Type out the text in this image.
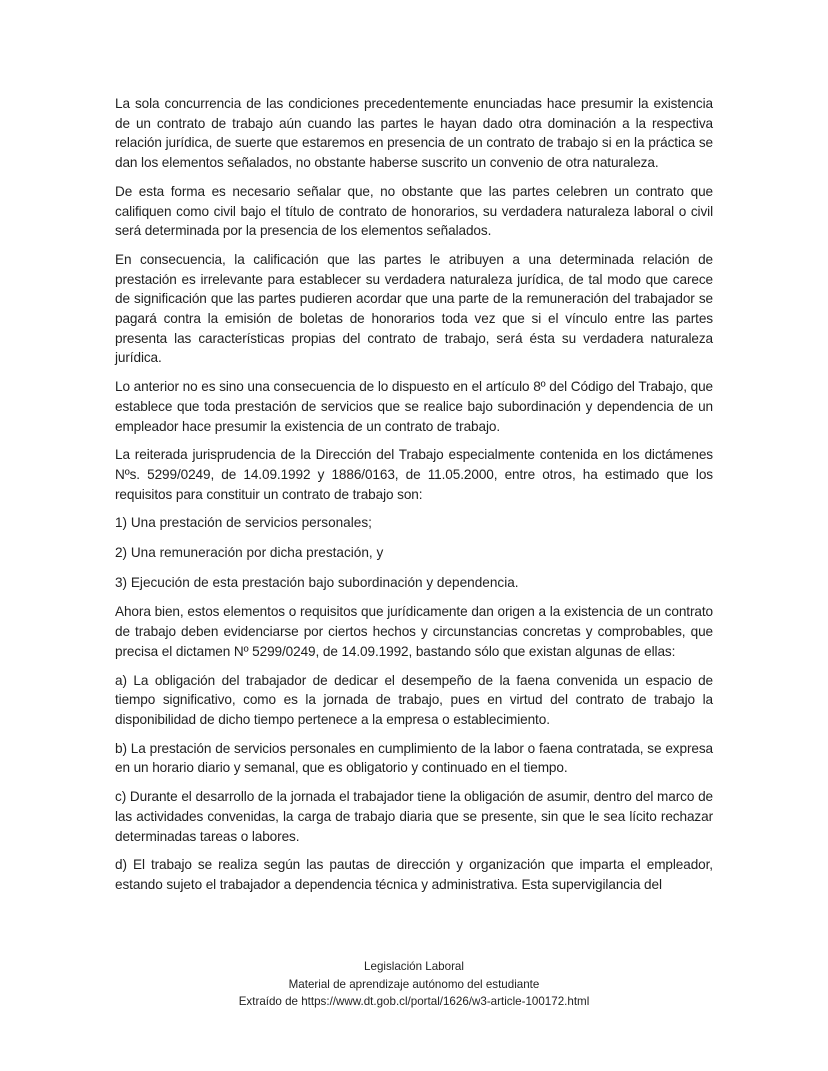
La sola concurrencia de las condiciones precedentemente enunciadas hace presumir la existencia de un contrato de trabajo aún cuando las partes le hayan dado otra dominación a la respectiva relación jurídica, de suerte que estaremos en presencia de un contrato de trabajo si en la práctica se dan los elementos señalados, no obstante haberse suscrito un convenio de otra naturaleza.

De esta forma es necesario señalar que, no obstante que las partes celebren un contrato que califiquen como civil bajo el título de contrato de honorarios, su verdadera naturaleza laboral o civil será determinada por la presencia de los elementos señalados.

En consecuencia, la calificación que las partes le atribuyen a una determinada relación de prestación es irrelevante para establecer su verdadera naturaleza jurídica, de tal modo que carece de significación que las partes pudieren acordar que una parte de la remuneración del trabajador se pagará contra la emisión de boletas de honorarios toda vez que si el vínculo entre las partes presenta las características propias del contrato de trabajo, será ésta su verdadera naturaleza jurídica.

Lo anterior no es sino una consecuencia de lo dispuesto en el artículo 8º del Código del Trabajo, que establece que toda prestación de servicios que se realice bajo subordinación y dependencia de un empleador hace presumir la existencia de un contrato de trabajo.

La reiterada jurisprudencia de la Dirección del Trabajo especialmente contenida en los dictámenes Nºs. 5299/0249, de 14.09.1992 y 1886/0163, de 11.05.2000, entre otros, ha estimado que los requisitos para constituir un contrato de trabajo son:

1) Una prestación de servicios personales;

2) Una remuneración por dicha prestación, y

3) Ejecución de esta prestación bajo subordinación y dependencia.

Ahora bien, estos elementos o requisitos que jurídicamente dan origen a la existencia de un contrato de trabajo deben evidenciarse por ciertos hechos y circunstancias concretas y comprobables, que precisa el dictamen Nº 5299/0249, de 14.09.1992, bastando sólo que existan algunas de ellas:

a) La obligación del trabajador de dedicar el desempeño de la faena convenida un espacio de tiempo significativo, como es la jornada de trabajo, pues en virtud del contrato de trabajo la disponibilidad de dicho tiempo pertenece a la empresa o establecimiento.

b) La prestación de servicios personales en cumplimiento de la labor o faena contratada, se expresa en un horario diario y semanal, que es obligatorio y continuado en el tiempo.

c) Durante el desarrollo de la jornada el trabajador tiene la obligación de asumir, dentro del marco de las actividades convenidas, la carga de trabajo diaria que se presente, sin que le sea lícito rechazar determinadas tareas o labores.

d) El trabajo se realiza según las pautas de dirección y organización que imparta el empleador, estando sujeto el trabajador a dependencia técnica y administrativa. Esta supervigilancia del

Legislación Laboral
Material de aprendizaje autónomo del estudiante
Extraído de https://www.dt.gob.cl/portal/1626/w3-article-100172.html
